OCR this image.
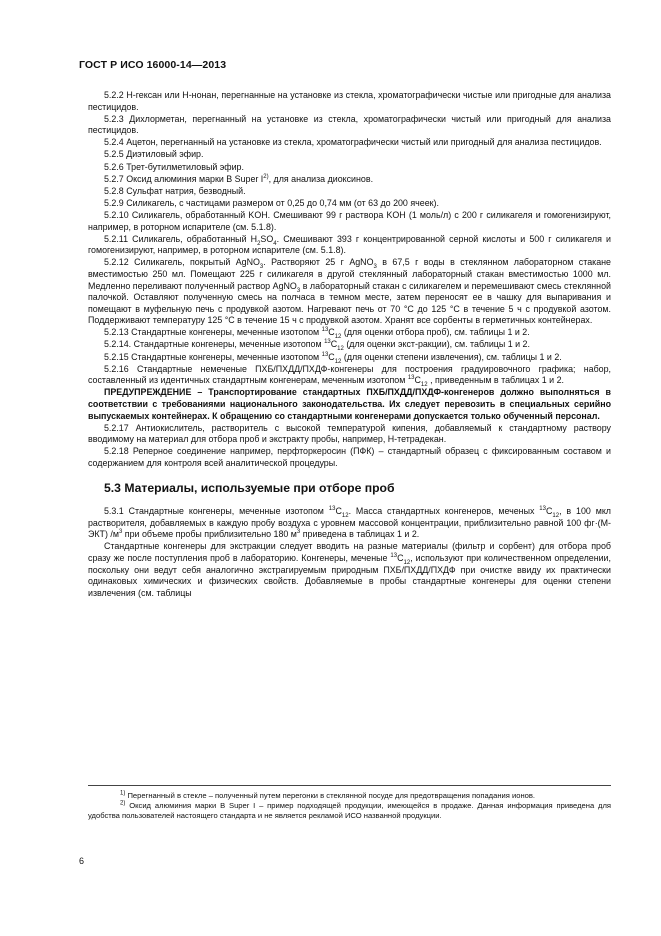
ГОСТ Р ИСО 16000-14—2013

5.2.2 Н-гексан или Н-нонан, перегнанные на установке из стекла, хроматографически чистые или пригодные для анализа пестицидов.

5.2.3 Дихлорметан, перегнанный на установке из стекла, хроматографически чистый или пригодный для анализа пестицидов.

5.2.4 Ацетон, перегнанный на установке из стекла, хроматографически чистый или пригодный для анализа пестицидов.

5.2.5 Диэтиловый эфир.

5.2.6 Трет-бутилметиловый эфир.

5.2.7 Оксид алюминия марки В Super $I^{2)}$, для анализа диоксинов.

5.2.8 Сульфат натрия, безводный.

5.2.9 Силикагель, с частицами размером от 0,25 до 0,74 мм (от 63 до 200 ячеек).

5.2.10 Силикагель, обработанный KOH. Смешивают 99 г раствора KOH (1 моль/л) с 200 г силикагеля и гомогенизируют, например, в роторном испарителе (см. 5.1.8).

5.2.11 Силикагель, обработанный $H_2SO_4$. Смешивают 393 г концентрированной серной кислоты и 500 г силикагеля и гомогенизируют, например, в роторном испарителе (см. 5.1.8).

5.2.12 Силикагель, покрытый AgNO$_3$. Растворяют 25 г AgNO$_3$ в 67,5 г воды в стеклянном лабораторном стакане вместимостью 250 мл. Помещают 225 г силикагеля в другой стеклянный лабораторный стакан вместимостью 1000 мл. Медленно переливают полученный раствор AgNO$_3$ в лабораторный стакан с силикагелем и перемешивают смесь стеклянной палочкой. Оставляют полученную смесь на полчаса в темном месте, затем переносят ее в чашку для выпаривания и помещают в муфельную печь с продувкой азотом. Нагревают печь от 70 °C до 125 °C в течение 5 ч с продувкой азотом. Поддерживают температуру 125 °C в течение 15 ч с продувкой азотом. Хранят все сорбенты в герметичных контейнерах.

5.2.13 Стандартные конгенеры, меченные изотопом $^{13}C_{12}$ (для оценки отбора проб), см. таблицы 1 и 2.

5.2.14. Стандартные конгенеры, меченные изотопом $^{13}C_{12}$ (для оценки экст-ракции), см. таблицы 1 и 2.

5.2.15 Стандартные конгенеры, меченные изотопом $^{13}C_{12}$ (для оценки степени извлечения), см. таблицы 1 и 2.

5.2.16 Стандартные немеченые ПХБ/ПХДД/ПХДФ-конгенеры для построения градуировочного графика; набор, составленный из идентичных стандартным конгенерам, меченным изотопом $^{13}C_{12}$ , приведенным в таблицах 1 и 2.

ПРЕДУПРЕЖДЕНИЕ – Транспортирование стандартных ПХБ/ПХДД/ПХДФ-конгенеров должно выполняться в соответствии с требованиями национального законодательства. Их следует перевозить в специальных серийно выпускаемых контейнерах. К обращению со стандартными конгенерами допускается только обученный персонал.

5.2.17 Антиокислитель, растворитель с высокой температурой кипения, добавляемый к стандартному раствору вводимому на материал для отбора проб и экстракту пробы, например, Н-тетрадекан.

5.2.18 Реперное соединение например, перфторкеросин (ПФК) – стандартный образец с фиксированным составом и содержанием для контроля всей аналитической процедуры.

5.3 Материалы, используемые при отборе проб

5.3.1 Стандартные конгенеры, меченные изотопом $^{13}C_{12}$. Масса стандартных конгенеров, меченых $^{13}C_{12}$, в 100 мкл растворителя, добавляемых в каждую пробу воздуха с уровнем массовой концентрации, приблизительно равной 100 фг·(М-ЭКТ) $/м^3$ при объеме пробы приблизительно 180 $м^3$ приведена в таблицах 1 и 2.

Стандартные конгенеры для экстракции следует вводить на разные материалы (фильтр и сорбент) для отбора проб сразу же после поступления проб в лабораторию. Конгенеры, меченые $^{13}C_{12}$, используют при количественном определении, поскольку они ведут себя аналогично экстрагируемым природным ПХБ/ПХДД/ПХДФ при очистке ввиду их практически одинаковых химических и физических свойств. Добавляемые в пробы стандартные конгенеры для оценки степени извлечения (см. таблицы

$^{1)}$ Перегнанный в стекле – полученный путем перегонки в стеклянной посуде для предотвращения попадания ионов.

$^{2)}$ Оксид алюминия марки В Super I – пример подходящей продукции, имеющейся в продаже. Данная информация приведена для удобства пользователей настоящего стандарта и не является рекламой ИСО названной продукции.

6
